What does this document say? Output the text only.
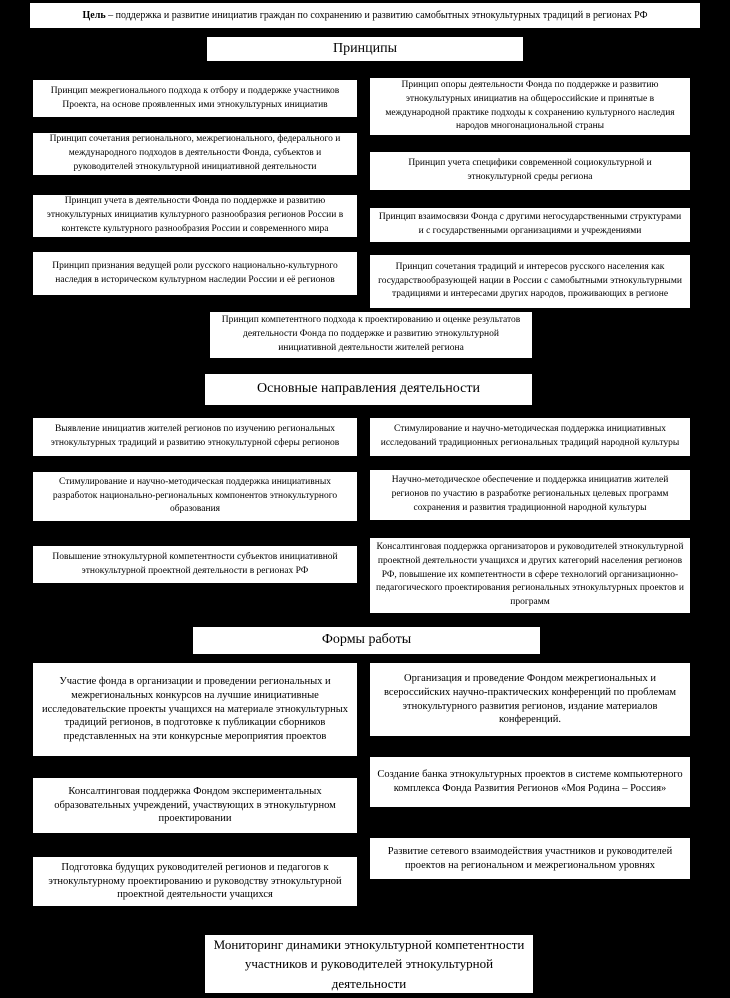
Цель – поддержка и развитие инициатив граждан по сохранению и развитию самобытных этнокультурных традиций в регионах РФ
Принципы
Принцип межрегионального подхода к отбору и поддержке участников Проекта, на основе проявленных ими этнокультурных инициатив
Принцип сочетания регионального, межрегионального, федерального и международного подходов в деятельности Фонда, субъектов и руководителей этнокультурной инициативной деятельности
Принцип учета в деятельности Фонда по поддержке и развитию этнокультурных инициатив культурного разнообразия регионов России в контексте культурного разнообразия России и современного мира
Принцип признания ведущей роли русского национально-культурного наследия в историческом культурном наследии России и её регионов
Принцип опоры деятельности Фонда по поддержке и развитию этнокультурных инициатив на общероссийские и принятые в международной практике подходы к сохранению культурного наследия народов многонациональной страны
Принцип учета специфики современной социокультурной и этнокультурной среды региона
Принцип взаимосвязи Фонда с другими негосударственными структурами и с государственными организациями и учреждениями
Принцип сочетания традиций и интересов русского населения как государствообразующей нации в России с самобытными этнокультурными традициями и интересами других народов, проживающих в регионе
Принцип компетентного подхода к проектированию и оценке результатов деятельности Фонда по поддержке и развитию этнокультурной инициативной деятельности жителей региона
Основные направления деятельности
Выявление инициатив жителей регионов по изучению региональных этнокультурных традиций и развитию этнокультурной сферы регионов
Стимулирование и научно-методическая поддержка инициативных разработок национально-региональных компонентов этнокультурного образования
Повышение этнокультурной компетентности субъектов инициативной этнокультурной проектной деятельности в регионах РФ
Стимулирование и научно-методическая поддержка инициативных исследований традиционных региональных традиций народной культуры
Научно-методическое обеспечение и поддержка инициатив жителей регионов по участию в разработке региональных целевых программ сохранения и развития традиционной народной культуры
Консалтинговая поддержка организаторов и руководителей этнокультурной проектной деятельности учащихся и других категорий населения регионов РФ, повышение их компетентности в сфере технологий организационно-педагогического проектирования региональных этнокультурных проектов и программ
Формы работы
Участие фонда в организации и проведении региональных и межрегиональных конкурсов на лучшие инициативные исследовательские проекты учащихся на материале этнокультурных традиций регионов, в подготовке к публикации сборников представленных на эти конкурсные мероприятия проектов
Консалтинговая поддержка Фондом экспериментальных образовательных учреждений, участвующих в этнокультурном проектировании
Подготовка будущих руководителей регионов и педагогов к этнокультурному проектированию и руководству этнокультурной проектной деятельности учащихся
Организация и проведение Фондом межрегиональных и всероссийских научно-практических конференций по проблемам этнокультурного развития регионов, издание материалов конференций.
Создание банка этнокультурных проектов в системе компьютерного комплекса Фонда Развития Регионов «Моя Родина – Россия»
Развитие сетевого взаимодействия участников и руководителей проектов на региональном и межрегиональном уровнях
Мониторинг динамики этнокультурной компетентности участников и руководителей этнокультурной деятельности
